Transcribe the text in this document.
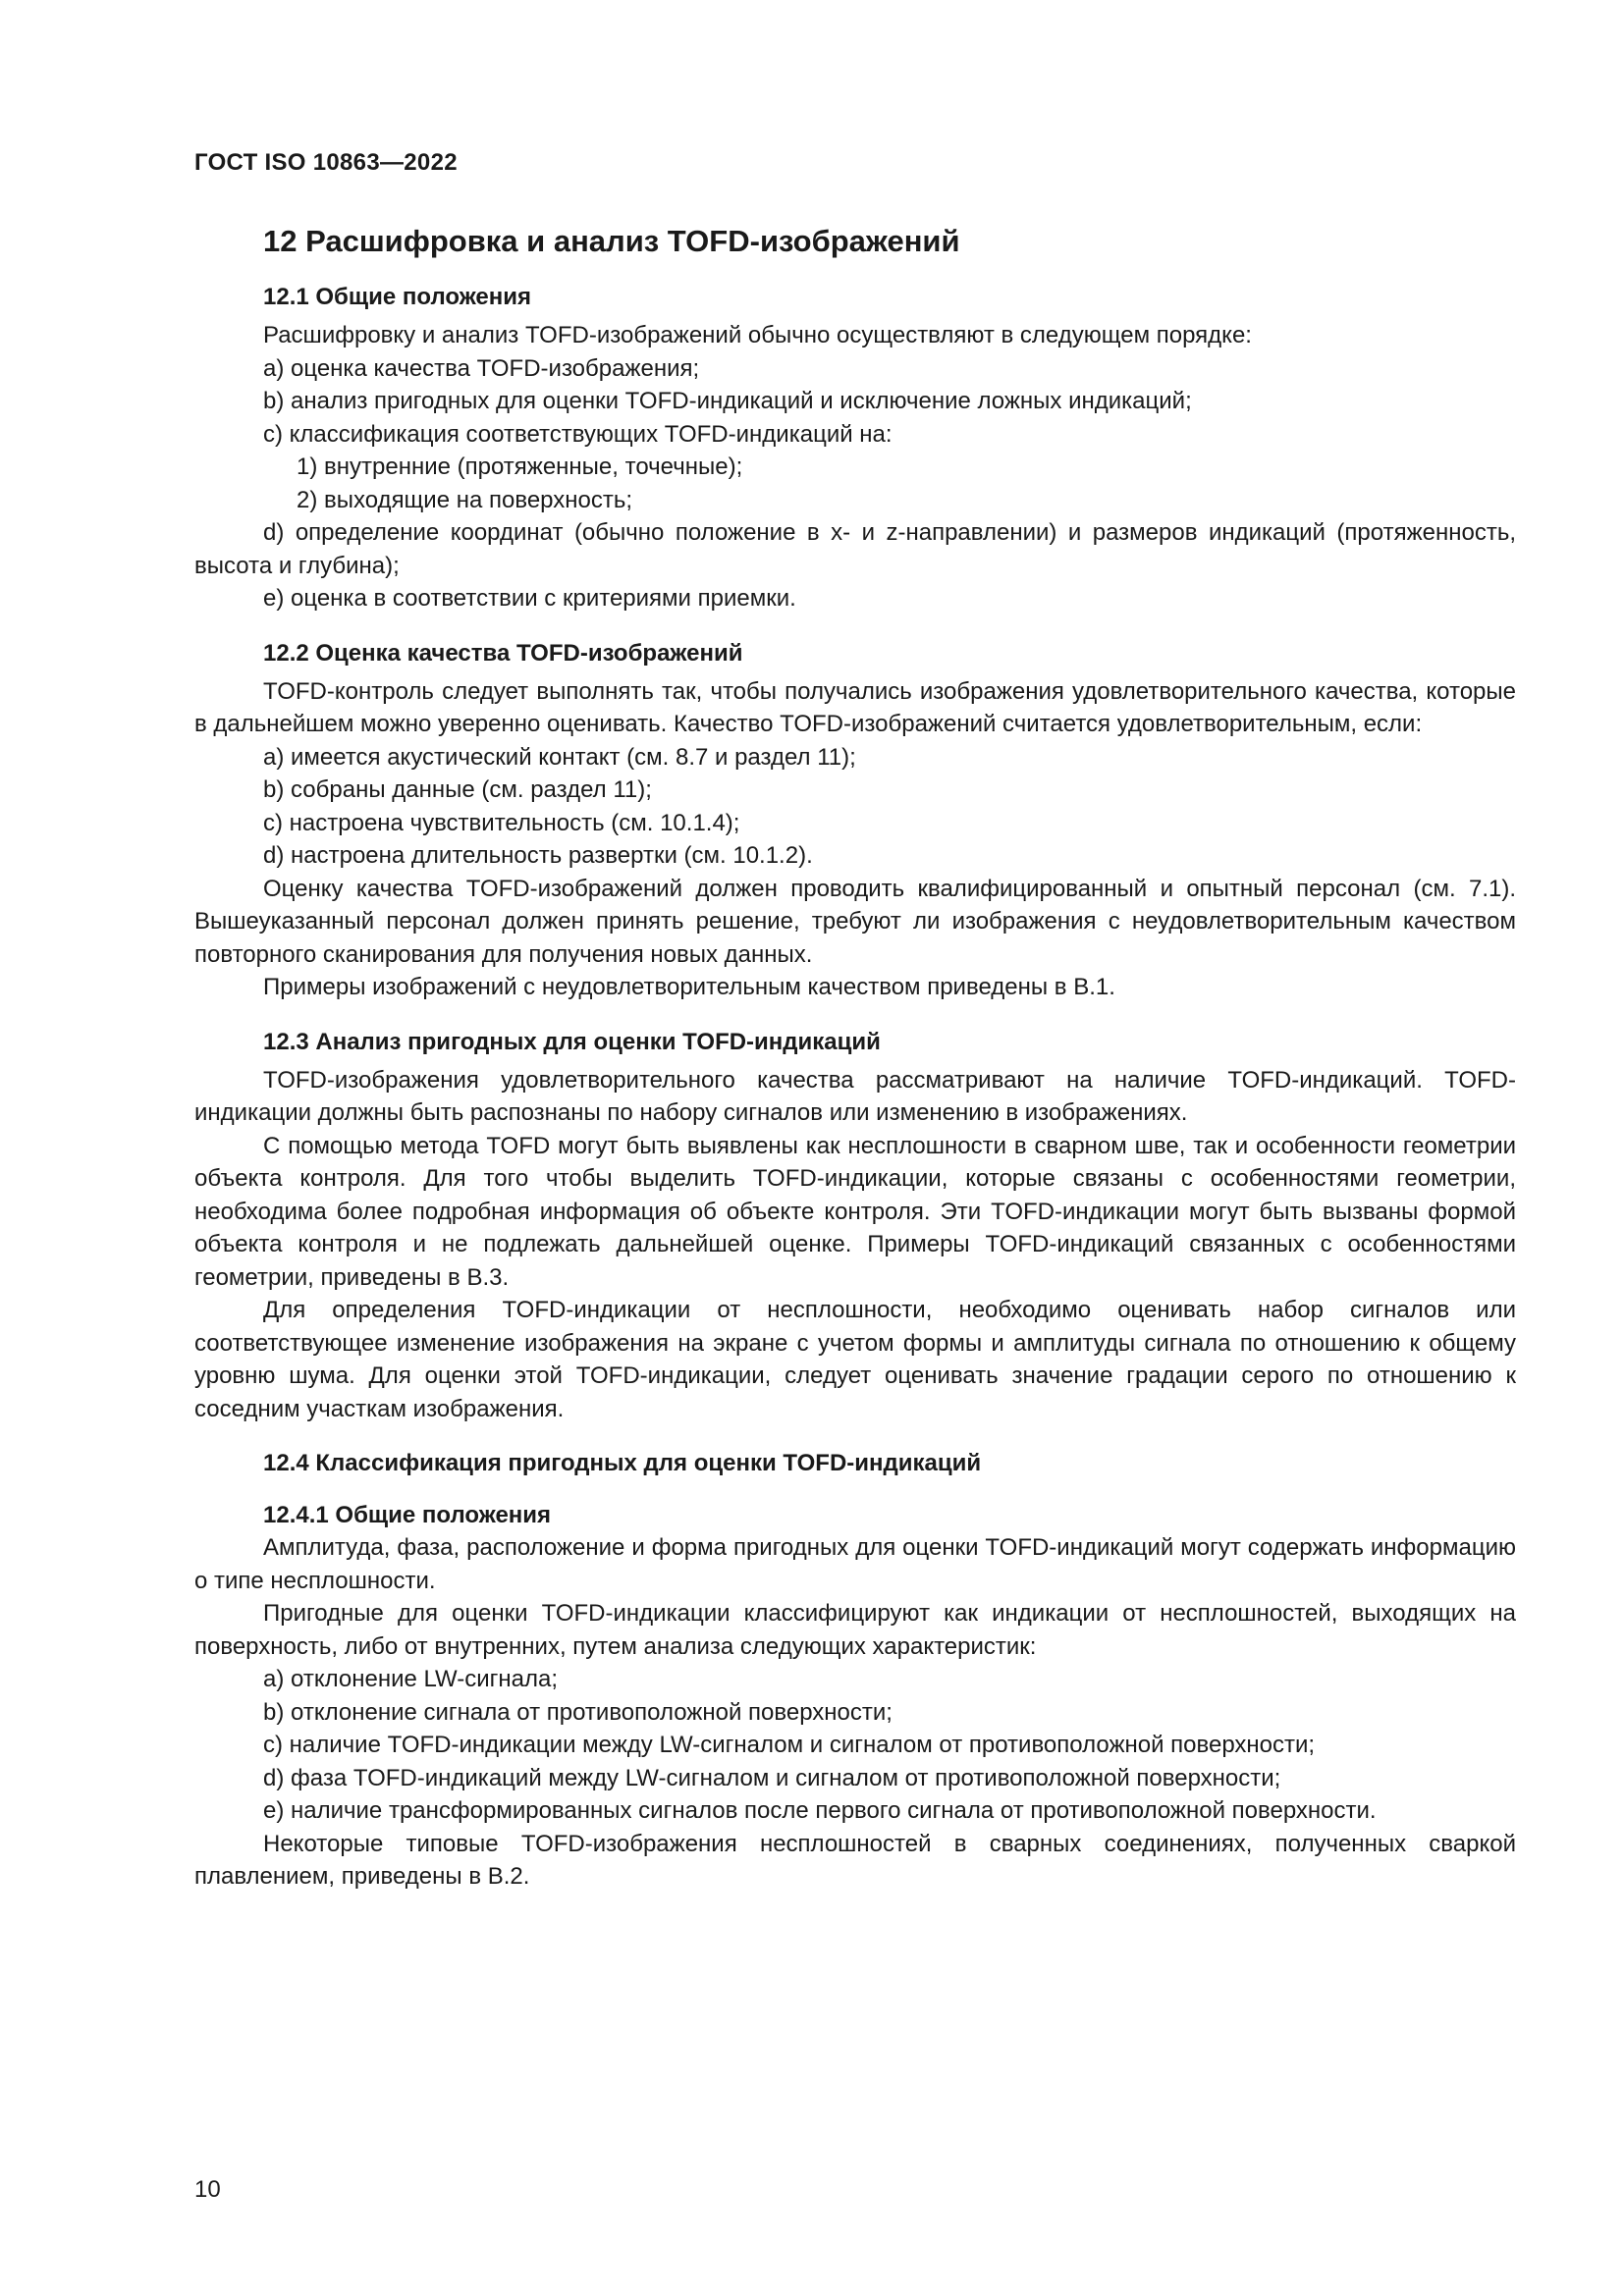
ГОСТ ISO 10863—2022
12 Расшифровка и анализ TOFD-изображений
12.1 Общие положения

Расшифровку и анализ TOFD-изображений обычно осуществляют в следующем порядке:

а) оценка качества TOFD-изображения;

b) анализ пригодных для оценки TOFD-индикаций и исключение ложных индикаций;

с) классификация соответствующих TOFD-индикаций на:

1) внутренние (протяженные, точечные);

2) выходящие на поверхность;

d) определение координат (обычно положение в x- и z-направлении) и размеров индикаций (протяженность, высота и глубина);

е) оценка в соответствии с критериями приемки.

12.2 Оценка качества TOFD-изображений

TOFD-контроль следует выполнять так, чтобы получались изображения удовлетворительного качества, которые в дальнейшем можно уверенно оценивать. Качество TOFD-изображений считается удовлетворительным, если:

а) имеется акустический контакт (см. 8.7 и раздел 11);

b) собраны данные (см. раздел 11);

с) настроена чувствительность (см. 10.1.4);

d) настроена длительность развертки (см. 10.1.2).

Оценку качества TOFD-изображений должен проводить квалифицированный и опытный персонал (см. 7.1). Вышеуказанный персонал должен принять решение, требуют ли изображения с неудовлетворительным качеством повторного сканирования для получения новых данных.

Примеры изображений с неудовлетворительным качеством приведены в В.1.

12.3 Анализ пригодных для оценки TOFD-индикаций

TOFD-изображения удовлетворительного качества рассматривают на наличие TOFD-индикаций. TOFD-индикации должны быть распознаны по набору сигналов или изменению в изображениях.

С помощью метода TOFD могут быть выявлены как несплошности в сварном шве, так и особенности геометрии объекта контроля. Для того чтобы выделить TOFD-индикации, которые связаны с особенностями геометрии, необходима более подробная информация об объекте контроля. Эти TOFD-индикации могут быть вызваны формой объекта контроля и не подлежать дальнейшей оценке. Примеры TOFD-индикаций связанных с особенностями геометрии, приведены в В.3.

Для определения TOFD-индикации от несплошности, необходимо оценивать набор сигналов или соответствующее изменение изображения на экране с учетом формы и амплитуды сигнала по отношению к общему уровню шума. Для оценки этой TOFD-индикации, следует оценивать значение градации серого по отношению к соседним участкам изображения.

12.4 Классификация пригодных для оценки TOFD-индикаций
12.4.1 Общие положения

Амплитуда, фаза, расположение и форма пригодных для оценки TOFD-индикаций могут содержать информацию о типе несплошности.

Пригодные для оценки TOFD-индикации классифицируют как индикации от несплошностей, выходящих на поверхность, либо от внутренних, путем анализа следующих характеристик:

а) отклонение LW-сигнала;

b) отклонение сигнала от противоположной поверхности;

с) наличие TOFD-индикации между LW-сигналом и сигналом от противоположной поверхности;

d) фаза TOFD-индикаций между LW-сигналом и сигналом от противоположной поверхности;

е) наличие трансформированных сигналов после первого сигнала от противоположной поверхности.

Некоторые типовые TOFD-изображения несплошностей в сварных соединениях, полученных сваркой плавлением, приведены в В.2.

10
